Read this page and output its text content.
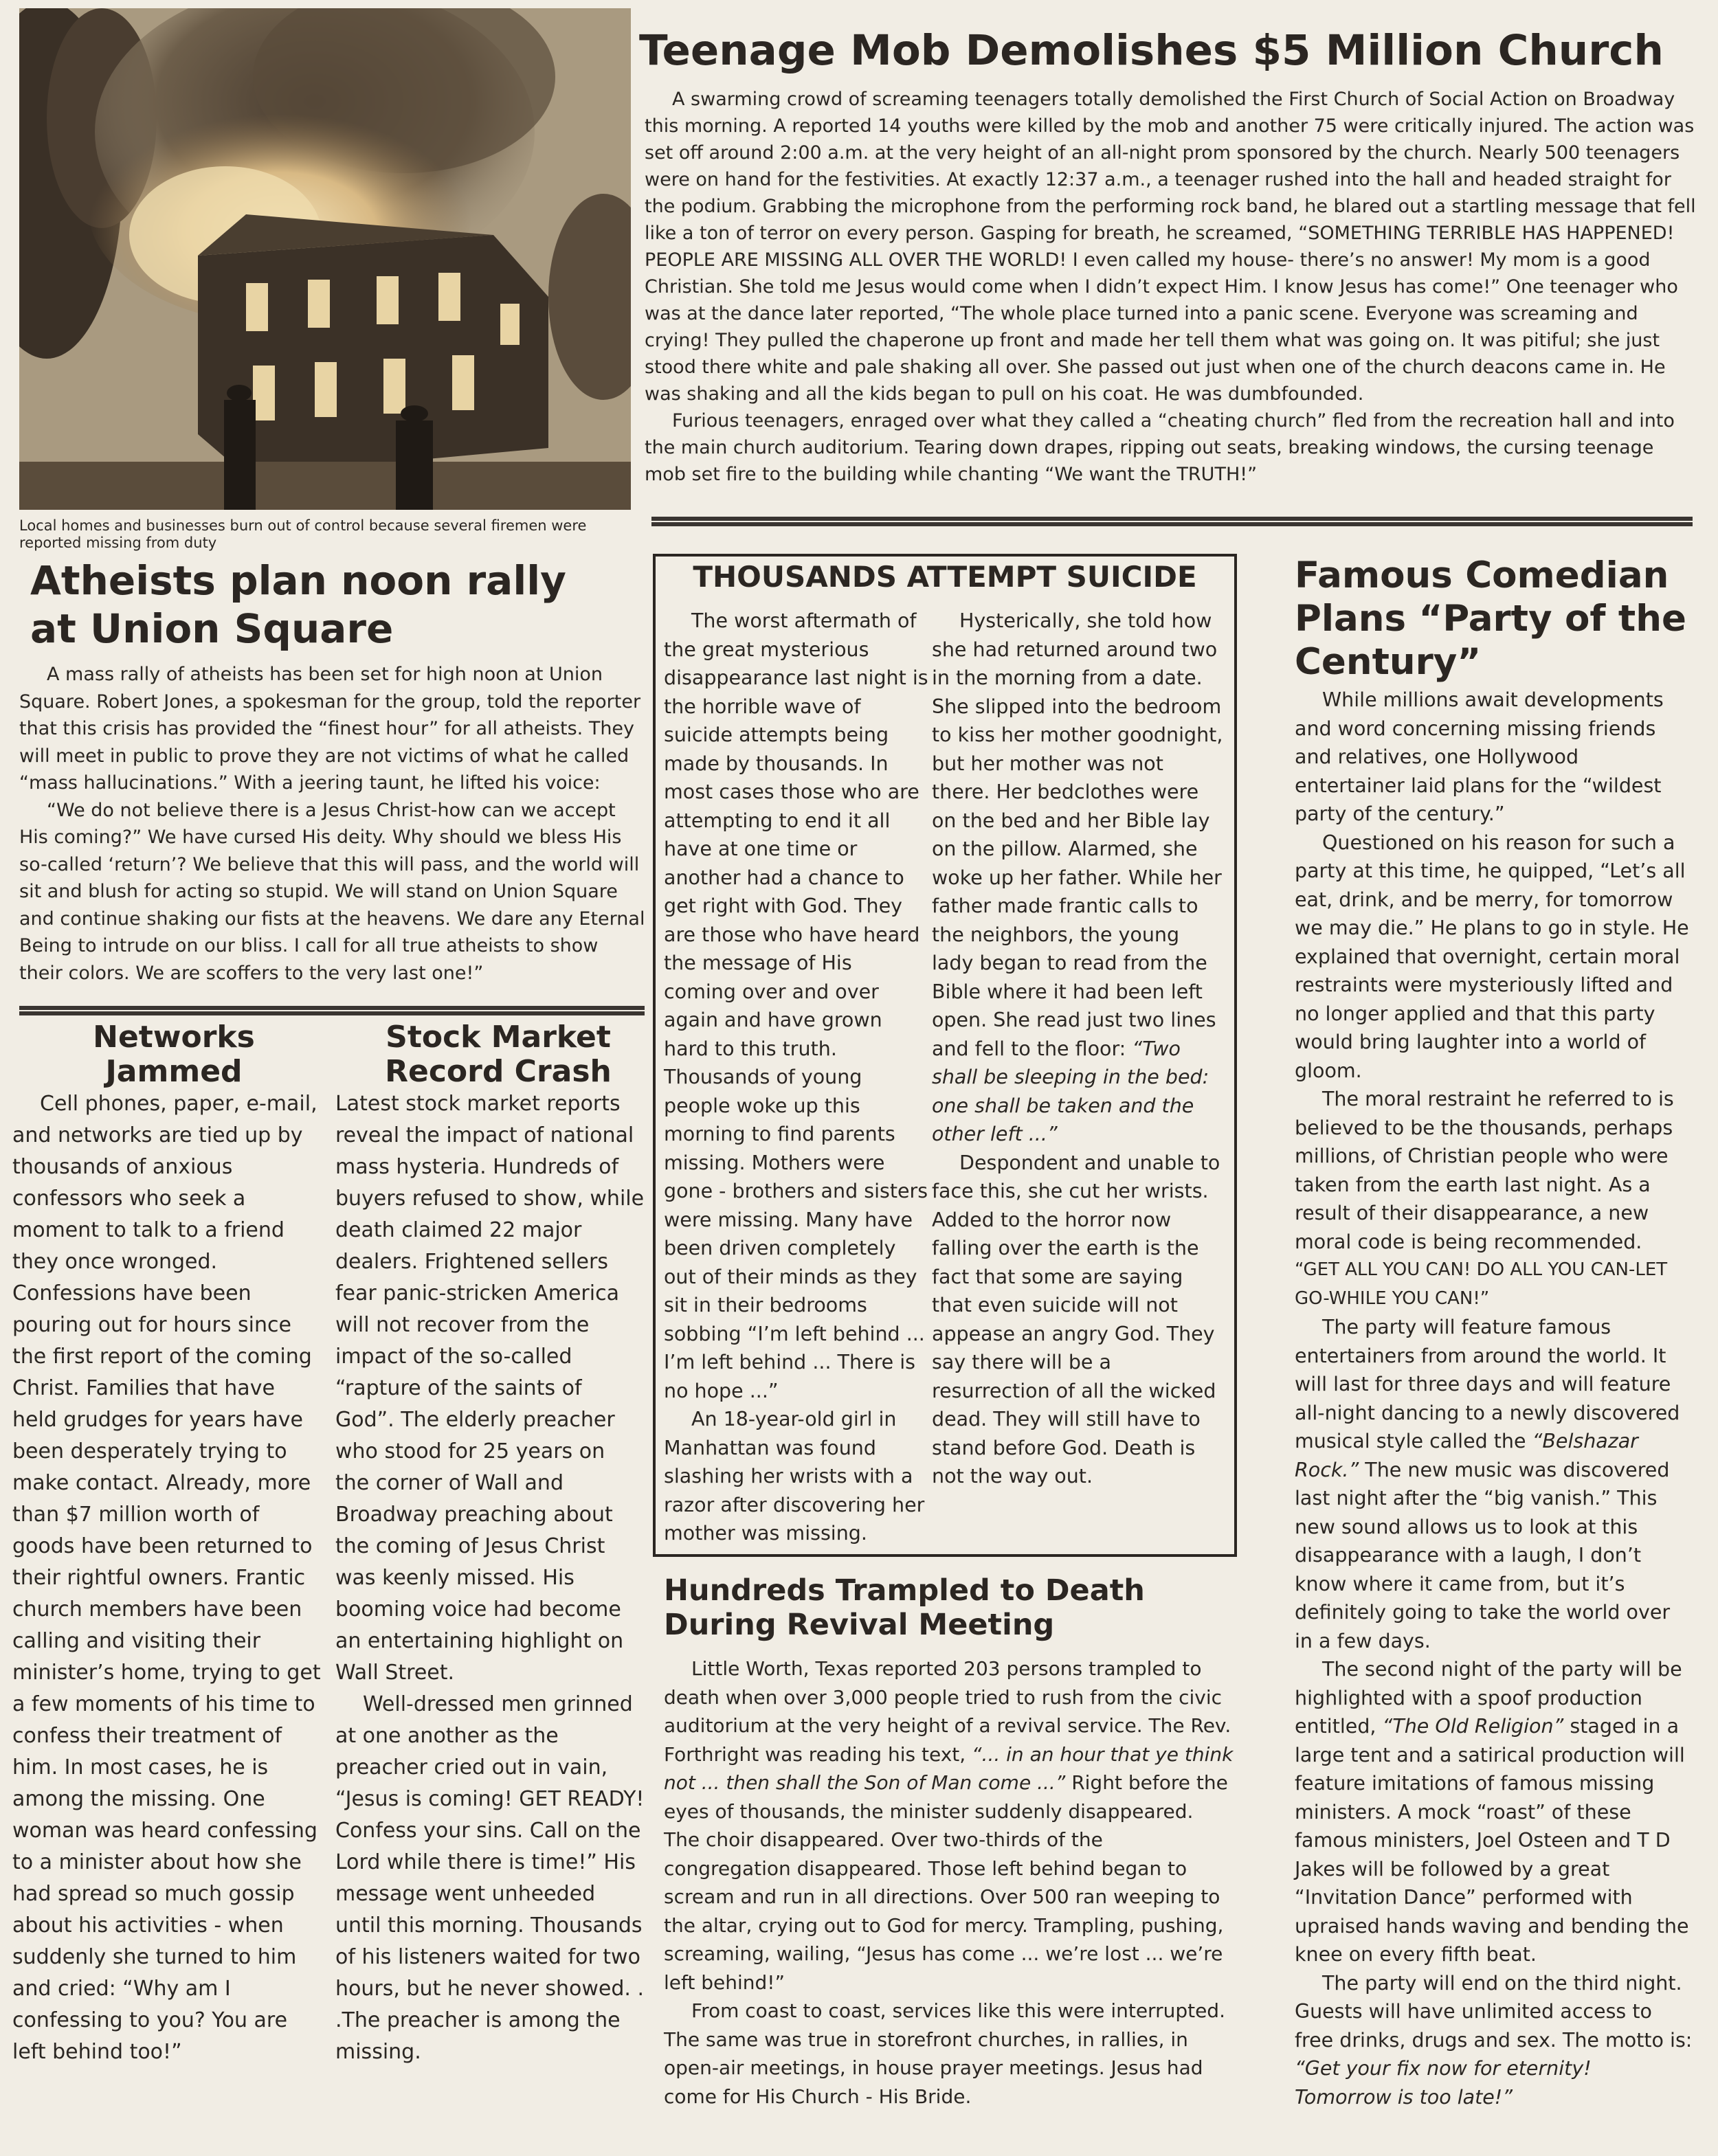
Local homes and businesses burn out of control because several firemen were reported missing from duty
Teenage Mob Demolishes $5 Million Church

A swarming crowd of screaming teenagers totally demolished the First Church of Social Action on Broadway this morning. A reported 14 youths were killed by the mob and another 75 were critically injured. The action was set off around 2:00 a.m. at the very height of an all-night prom sponsored by the church. Nearly 500 teenagers were on hand for the festivities. At exactly 12:37 a.m., a teenager rushed into the hall and headed straight for the podium. Grabbing the microphone from the performing rock band, he blared out a startling message that fell like a ton of terror on every person. Gasping for breath, he screamed, “SOMETHING TERRIBLE HAS HAPPENED! PEOPLE ARE MISSING ALL OVER THE WORLD! I even called my house- there’s no answer! My mom is a good Christian. She told me Jesus would come when I didn’t expect Him. I know Jesus has come!” One teenager who was at the dance later reported, “The whole place turned into a panic scene. Everyone was screaming and crying! They pulled the chaperone up front and made her tell them what was going on. It was pitiful; she just stood there white and pale shaking all over. She passed out just when one of the church deacons came in. He was shaking and all the kids began to pull on his coat. He was dumbfounded.

Furious teenagers, enraged over what they called a “cheating church” fled from the recreation hall and into the main church auditorium. Tearing down drapes, ripping out seats, breaking windows, the cursing teenage mob set fire to the building while chanting “We want the TRUTH!”

Atheists plan noon rally at Union Square

A mass rally of atheists has been set for high noon at Union Square. Robert Jones, a spokesman for the group, told the reporter that this crisis has provided the “finest hour” for all atheists. They will meet in public to prove they are not victims of what he called “mass hallucinations.” With a jeering taunt, he lifted his voice:

“We do not believe there is a Jesus Christ-how can we accept His coming?” We have cursed His deity. Why should we bless His so-called ‘return’? We believe that this will pass, and the world will sit and blush for acting so stupid. We will stand on Union Square and continue shaking our fists at the heavens. We dare any Eternal Being to intrude on our bliss. I call for all true atheists to show their colors. We are scoffers to the very last one!”

Networks Jammed

Cell phones, paper, e-mail, and networks are tied up by thousands of anxious confessors who seek a moment to talk to a friend they once wronged. Confessions have been pouring out for hours since the first report of the coming Christ. Families that have held grudges for years have been desperately trying to make contact. Already, more than $7 million worth of goods have been returned to their rightful owners. Frantic church members have been calling and visiting their minister’s home, trying to get a few moments of his time to confess their treatment of him. In most cases, he is among the missing. One woman was heard confessing to a minister about how she had spread so much gossip about his activities - when suddenly she turned to him and cried: “Why am I confessing to you? You are left behind too!”

Stock Market Record Crash

Latest stock market reports reveal the impact of national mass hysteria. Hundreds of buyers refused to show, while death claimed 22 major dealers. Frightened sellers fear panic-stricken America will not recover from the impact of the so-called “rapture of the saints of God”. The elderly preacher who stood for 25 years on the corner of Wall and Broadway preaching about the coming of Jesus Christ was keenly missed. His booming voice had become an entertaining highlight on Wall Street.

Well-dressed men grinned at one another as the preacher cried out in vain, “Jesus is coming! GET READY! Confess your sins. Call on the Lord while there is time!” His message went unheeded until this morning. Thousands of his listeners waited for two hours, but he never showed. . .The preacher is among the missing.

THOUSANDS ATTEMPT SUICIDE

The worst aftermath of the great mysterious disappearance last night is the horrible wave of suicide attempts being made by thousands. In most cases those who are attempting to end it all have at one time or another had a chance to get right with God. They are those who have heard the message of His coming over and over again and have grown hard to this truth. Thousands of young people woke up this morning to find parents missing. Mothers were gone - brothers and sisters were missing. Many have been driven completely out of their minds as they sit in their bedrooms sobbing “I’m left behind ... I’m left behind ... There is no hope ...”

An 18-year-old girl in Manhattan was found slashing her wrists with a razor after discovering her mother was missing.

Hysterically, she told how she had returned around two in the morning from a date. She slipped into the bedroom to kiss her mother goodnight, but her mother was not there. Her bedclothes were on the bed and her Bible lay on the pillow. Alarmed, she woke up her father. While her father made frantic calls to the neighbors, the young lady began to read from the Bible where it had been left open. She read just two lines and fell to the floor: “Two shall be sleeping in the bed: one shall be taken and the other left ...”

Despondent and unable to face this, she cut her wrists. Added to the horror now falling over the earth is the fact that some are saying that even suicide will not appease an angry God. They say there will be a resurrection of all the wicked dead. They will still have to stand before God. Death is not the way out.

Hundreds Trampled to Death During Revival Meeting

Little Worth, Texas reported 203 persons trampled to death when over 3,000 people tried to rush from the civic auditorium at the very height of a revival service. The Rev. Forthright was reading his text, “... in an hour that ye think not ... then shall the Son of Man come ...” Right before the eyes of thousands, the minister suddenly disappeared. The choir disappeared. Over two-thirds of the congregation disappeared. Those left behind began to scream and run in all directions. Over 500 ran weeping to the altar, crying out to God for mercy. Trampling, pushing, screaming, wailing, “Jesus has come ... we’re lost ... we’re left behind!”

From coast to coast, services like this were interrupted. The same was true in storefront churches, in rallies, in open-air meetings, in house prayer meetings. Jesus had come for His Church - His Bride.

Famous Comedian Plans “Party of the Century”

While millions await developments and word concerning missing friends and relatives, one Hollywood entertainer laid plans for the “wildest party of the century.”

Questioned on his reason for such a party at this time, he quipped, “Let’s all eat, drink, and be merry, for tomorrow we may die.” He plans to go in style. He explained that overnight, certain moral restraints were mysteriously lifted and no longer applied and that this party would bring laughter into a world of gloom.

The moral restraint he referred to is believed to be the thousands, perhaps millions, of Christian people who were taken from the earth last night. As a result of their disappearance, a new moral code is being recommended.

“GET ALL YOU CAN! DO ALL YOU CAN-LET GO-WHILE YOU CAN!”

The party will feature famous entertainers from around the world. It will last for three days and will feature all-night dancing to a newly discovered musical style called the “Belshazar Rock.” The new music was discovered last night after the “big vanish.” This new sound allows us to look at this disappearance with a laugh, I don’t know where it came from, but it’s definitely going to take the world over in a few days.

The second night of the party will be highlighted with a spoof production entitled, “The Old Religion” staged in a large tent and a satirical production will feature imitations of famous missing ministers. A mock “roast” of these famous ministers, Joel Osteen and T D Jakes will be followed by a great “Invitation Dance” performed with upraised hands waving and bending the knee on every fifth beat.

The party will end on the third night. Guests will have unlimited access to free drinks, drugs and sex. The motto is:

“Get your fix now for eternity! Tomorrow is too late!”
